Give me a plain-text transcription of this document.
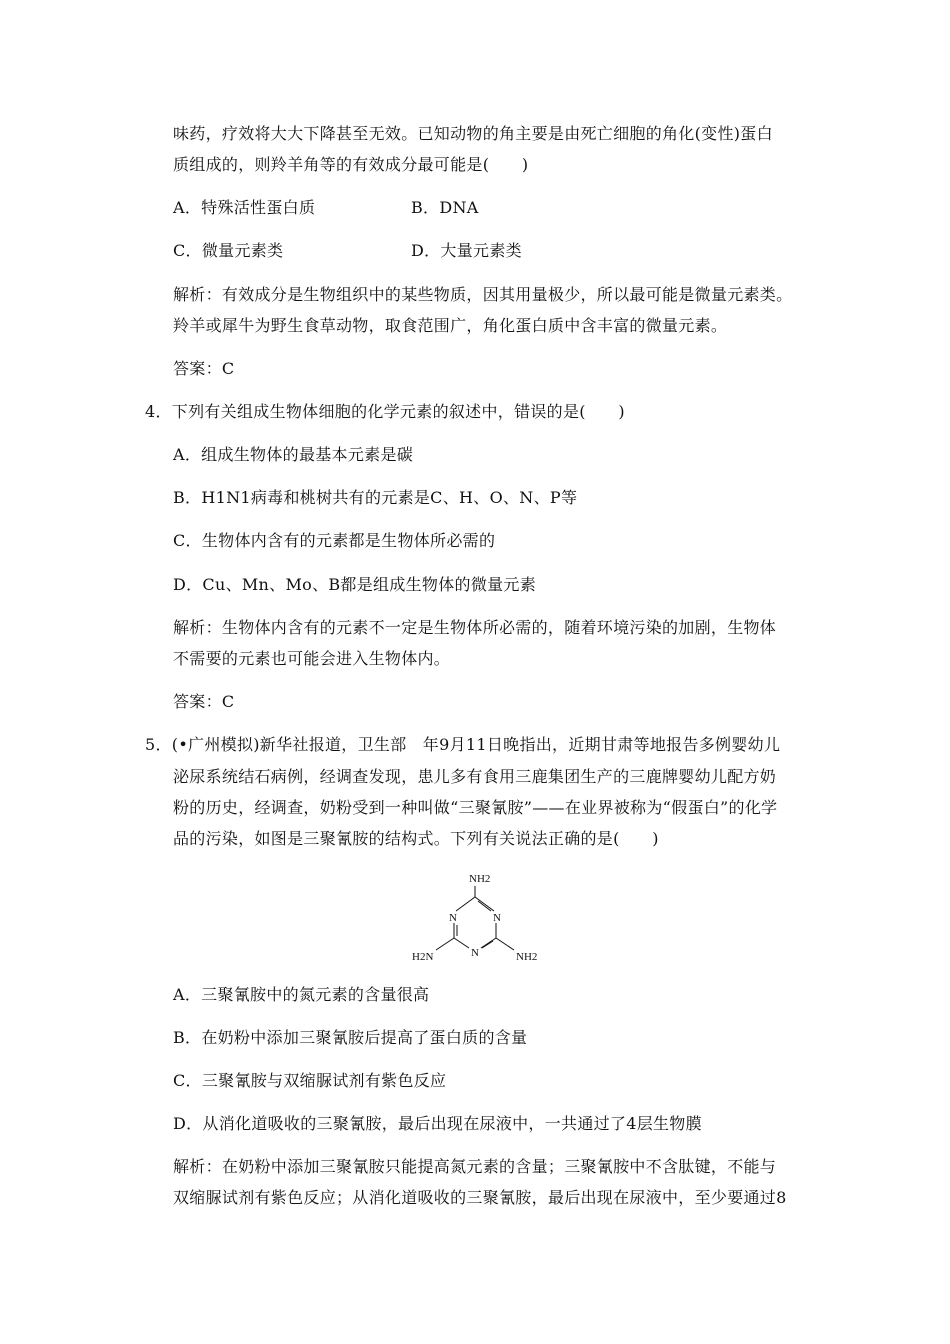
味药，疗效将大大下降甚至无效。已知动物的角主要是由死亡细胞的角化(变性)蛋白
质组成的，则羚羊角等的有效成分最可能是(　　)
A．特殊活性蛋白质	B．DNA
C．微量元素类	D．大量元素类
解析：有效成分是生物组织中的某些物质，因其用量极少，所以最可能是微量元素类。
羚羊或犀牛为野生食草动物，取食范围广，角化蛋白质中含丰富的微量元素。
答案：C
4．下列有关组成生物体细胞的化学元素的叙述中，错误的是(　　)
A．组成生物体的最基本元素是碳
B．H1N1病毒和桃树共有的元素是C、H、O、N、P等
C．生物体内含有的元素都是生物体所必需的
D．Cu、Mn、Mo、B都是组成生物体的微量元素
解析：生物体内含有的元素不一定是生物体所必需的，随着环境污染的加剧，生物体
不需要的元素也可能会进入生物体内。
答案：C
5．(•广州模拟)新华社报道，卫生部　年9月11日晚指出，近期甘肃等地报告多例婴幼儿
泌尿系统结石病例，经调查发现，患儿多有食用三鹿集团生产的三鹿牌婴幼儿配方奶
粉的历史，经调查，奶粉受到一种叫做“三聚氰胺”——在业界被称为“假蛋白”的化学
品的污染，如图是三聚氰胺的结构式。下列有关说法正确的是(　　)
NH2
N	N
N
H2N	NH2
A．三聚氰胺中的氮元素的含量很高
B．在奶粉中添加三聚氰胺后提高了蛋白质的含量
C．三聚氰胺与双缩脲试剂有紫色反应
D．从消化道吸收的三聚氰胺，最后出现在尿液中，一共通过了4层生物膜
解析：在奶粉中添加三聚氰胺只能提高氮元素的含量；三聚氰胺中不含肽键，不能与
双缩脲试剂有紫色反应；从消化道吸收的三聚氰胺，最后出现在尿液中，至少要通过8
